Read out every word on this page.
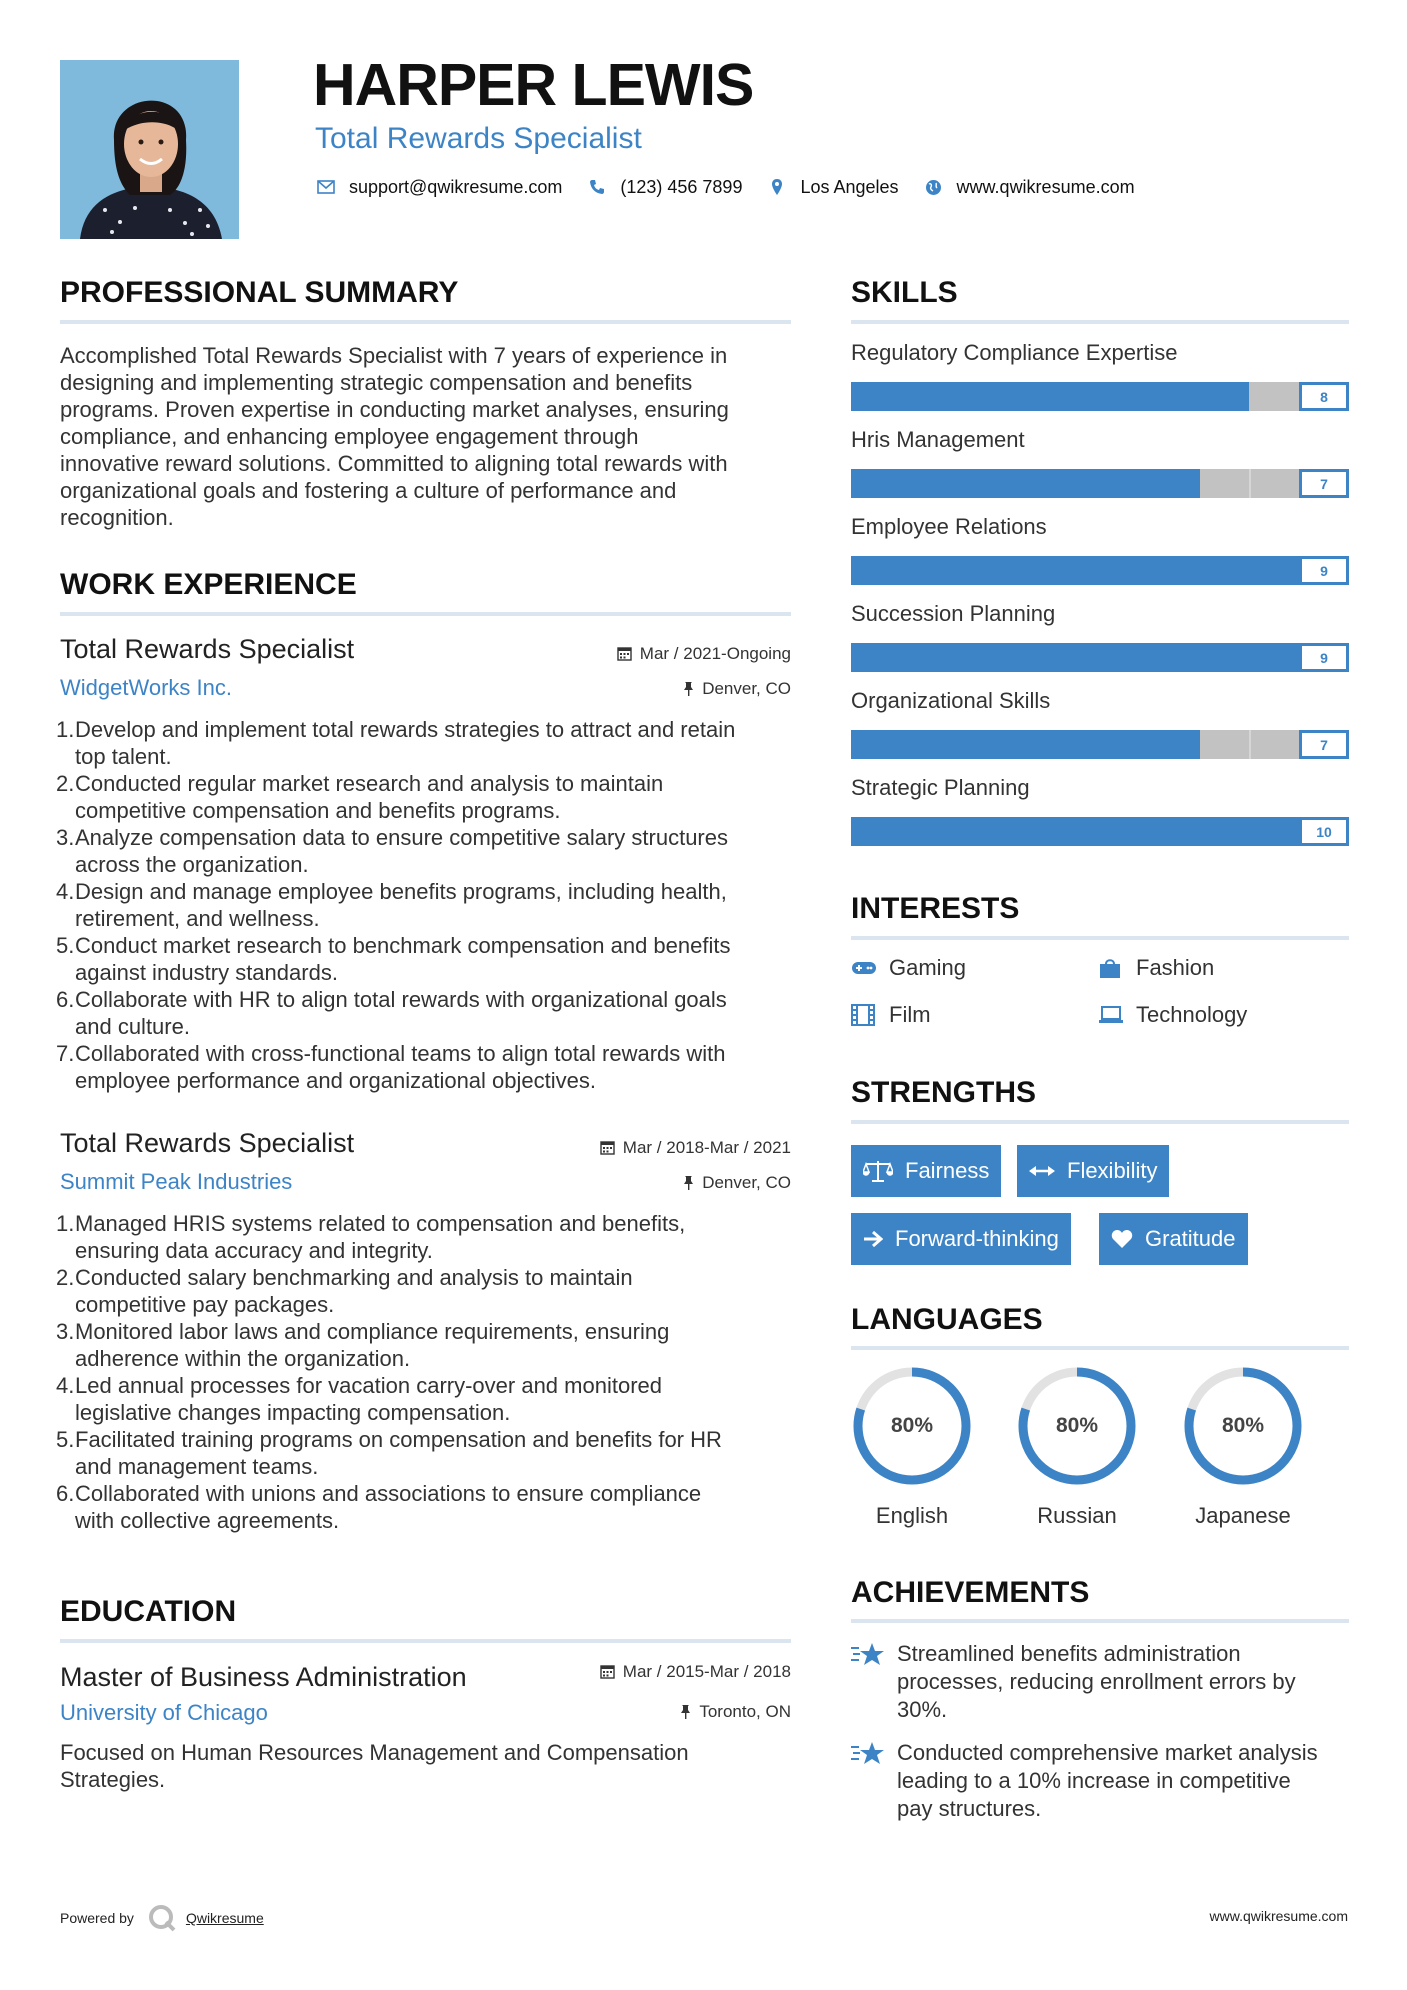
HARPER LEWIS
Total Rewards Specialist
support@qwikresume.com	(123) 456 7899	Los Angeles	www.qwikresume.com
PROFESSIONAL SUMMARY
Accomplished Total Rewards Specialist with 7 years of experience in
designing and implementing strategic compensation and benefits
programs. Proven expertise in conducting market analyses, ensuring
compliance, and enhancing employee engagement through
innovative reward solutions. Committed to aligning total rewards with
organizational goals and fostering a culture of performance and
recognition.
WORK EXPERIENCE
Total Rewards Specialist	Mar / 2021-Ongoing
WidgetWorks Inc.	Denver, CO
1. Develop and implement total rewards strategies to attract and retain
top talent.
2. Conducted regular market research and analysis to maintain
competitive compensation and benefits programs.
3. Analyze compensation data to ensure competitive salary structures
across the organization.
4. Design and manage employee benefits programs, including health,
retirement, and wellness.
5. Conduct market research to benchmark compensation and benefits
against industry standards.
6. Collaborate with HR to align total rewards with organizational goals
and culture.
7. Collaborated with cross-functional teams to align total rewards with
employee performance and organizational objectives.
Total Rewards Specialist	Mar / 2018-Mar / 2021
Summit Peak Industries	Denver, CO
1. Managed HRIS systems related to compensation and benefits,
ensuring data accuracy and integrity.
2. Conducted salary benchmarking and analysis to maintain
competitive pay packages.
3. Monitored labor laws and compliance requirements, ensuring
adherence within the organization.
4. Led annual processes for vacation carry-over and monitored
legislative changes impacting compensation.
5. Facilitated training programs on compensation and benefits for HR
and management teams.
6. Collaborated with unions and associations to ensure compliance
with collective agreements.
EDUCATION
Master of Business Administration	Mar / 2015-Mar / 2018
University of Chicago	Toronto, ON
Focused on Human Resources Management and Compensation
Strategies.
SKILLS
Regulatory Compliance Expertise
8
Hris Management
7
Employee Relations
9
Succession Planning
9
Organizational Skills
7
Strategic Planning
10
INTERESTS
Gaming	Fashion
Film	Technology
STRENGTHS
Fairness	Flexibility
Forward-thinking	Gratitude
LANGUAGES
80%
English
80%
Russian
80%
Japanese
ACHIEVEMENTS
Streamlined benefits administration
processes, reducing enrollment errors by
30%.
Conducted comprehensive market analysis
leading to a 10% increase in competitive
pay structures.
Powered by	Qwikresume	www.qwikresume.com
